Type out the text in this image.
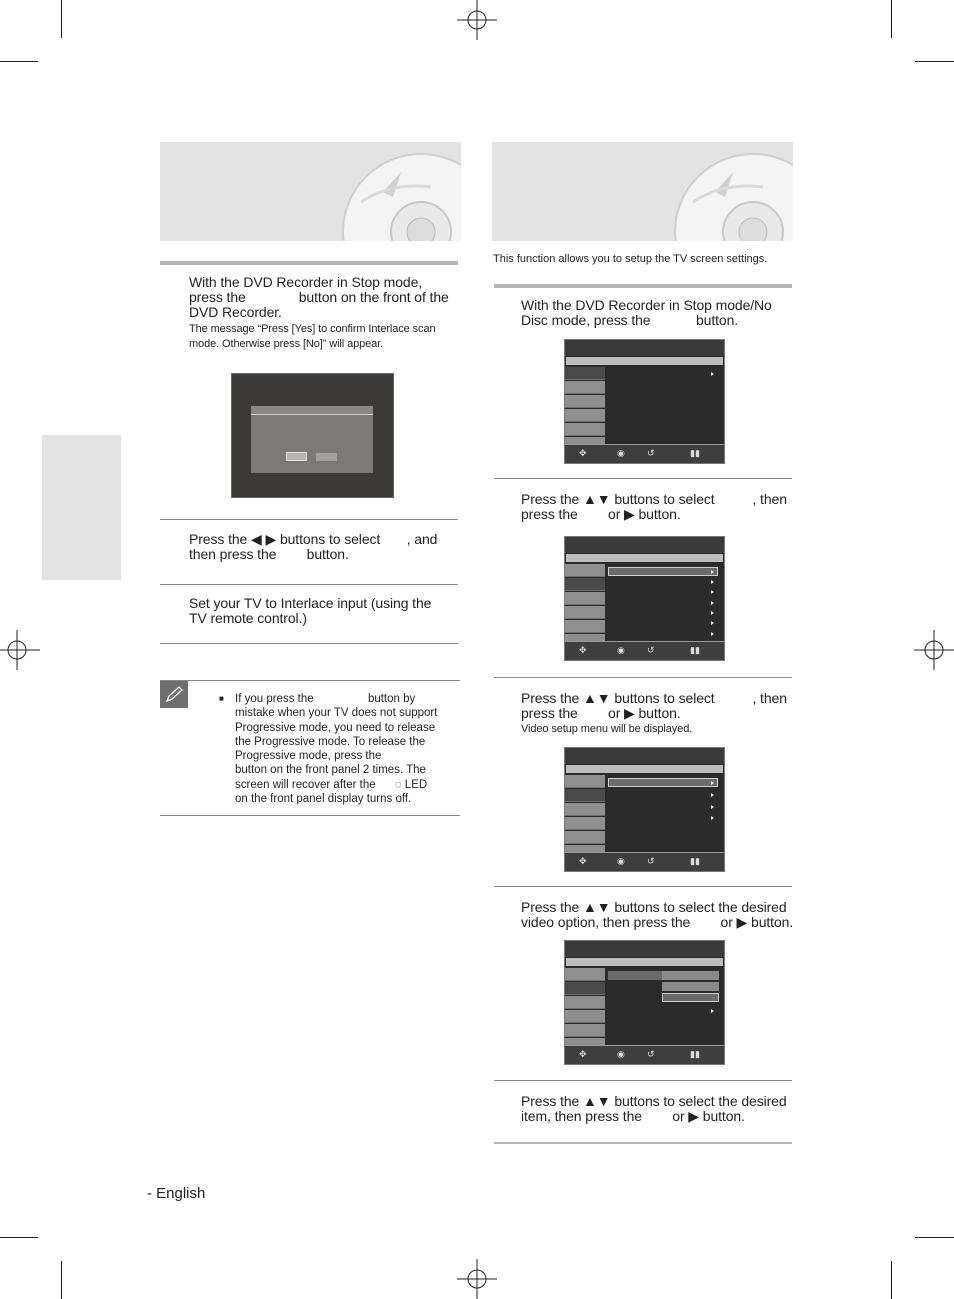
With the DVD Recorder in Stop mode,
press the              button on the front of the
DVD Recorder.
The message “Press [Yes] to confirm Interlace scan
mode. Otherwise press [No]” will appear.
Press the ◀ ▶ buttons to select       , and
then press the        button.
Set your TV to Interlace input (using the
TV remote control.)
■ If you press the                 button by
mistake when your TV does not support
Progressive mode, you need to release
the Progressive mode. To release the
Progressive mode, press the
button on the front panel 2 times. The
screen will recover after the      ◌ LED
on the front panel display turns off.
This function allows you to setup the TV screen settings.
With the DVD Recorder in Stop mode/No
Disc mode, press the            button.
✥	◉ ↺	▮▮
Press the ▲▼ buttons to select          , then
press the        or ▶ button.
✥	◉ ↺	▮▮
Press the ▲▼ buttons to select          , then
press the        or ▶ button.
Video setup menu will be displayed.
✥	◉ ↺	▮▮
Press the ▲▼ buttons to select the desired
video option, then press the        or ▶ button.
✥	◉ ↺	▮▮
Press the ▲▼ buttons to select the desired
item, then press the        or ▶ button.
- English
